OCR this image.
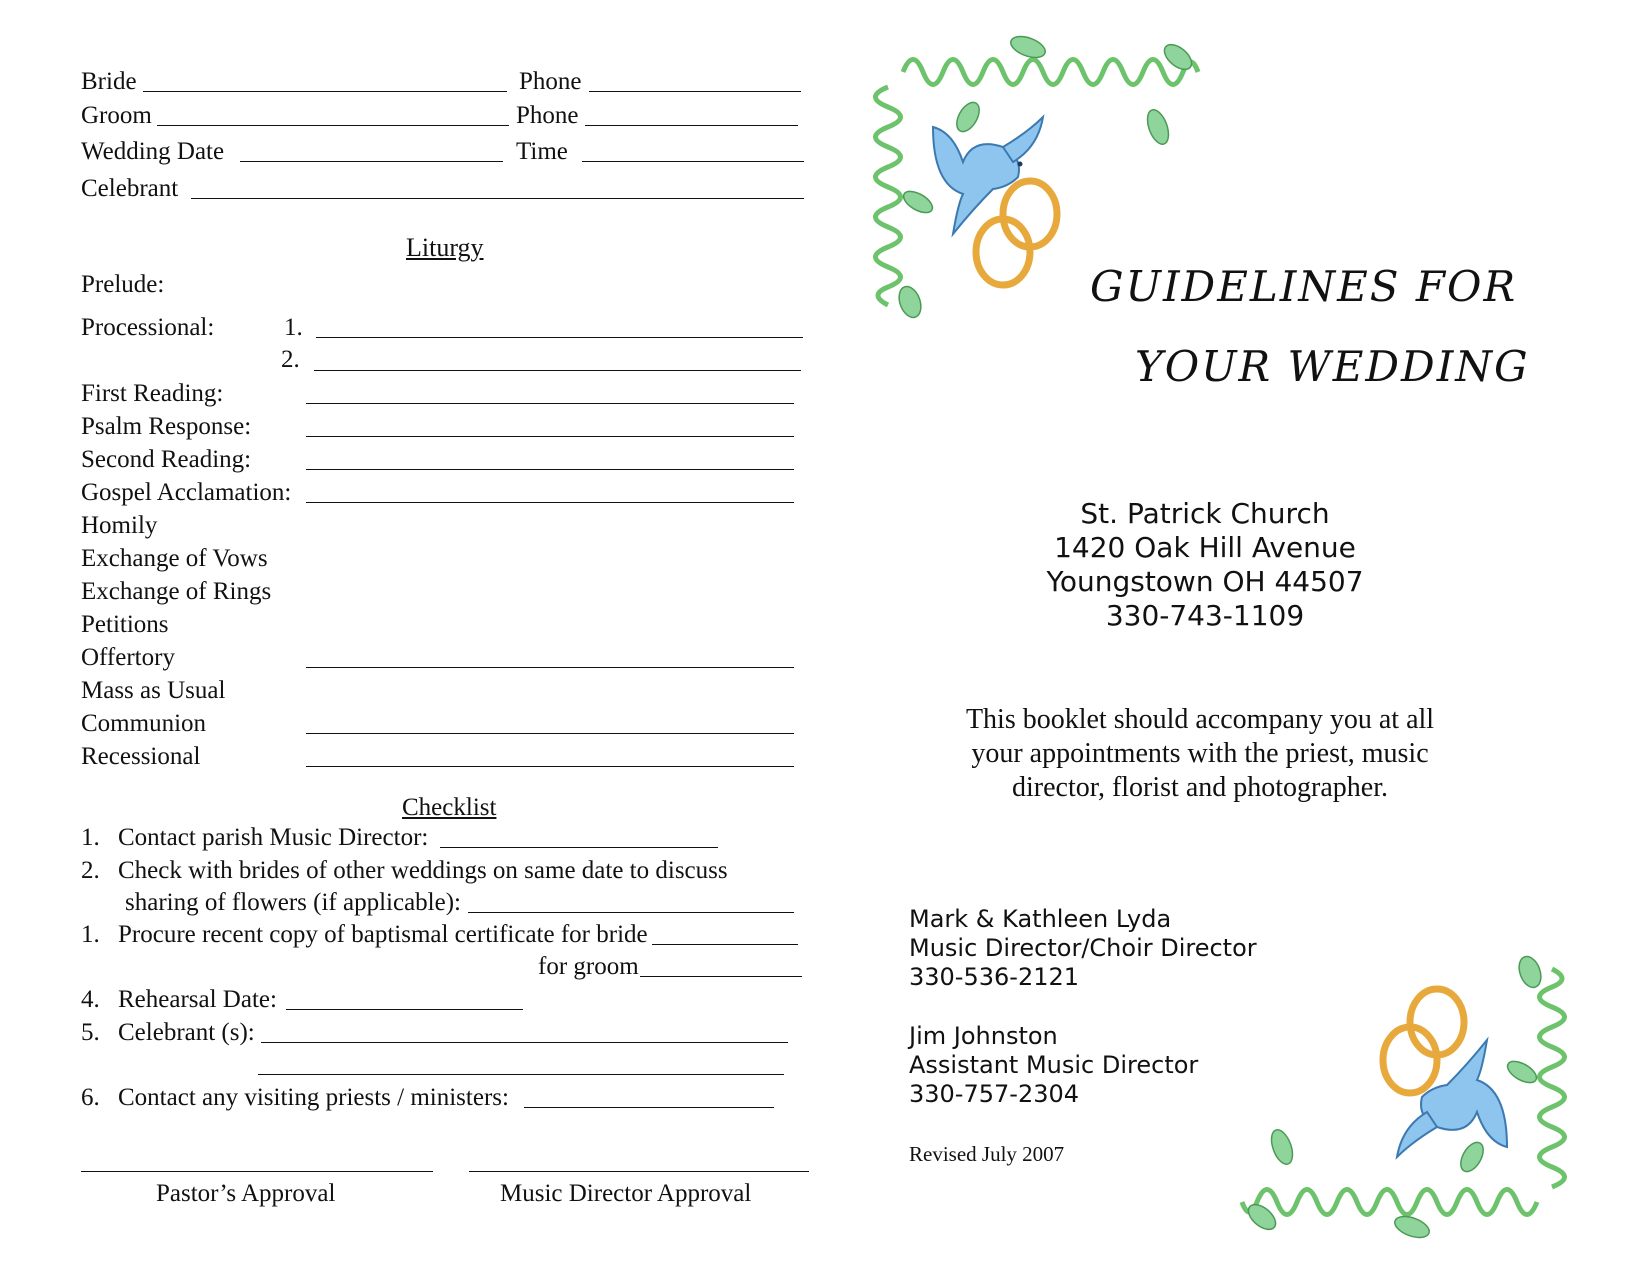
Bride	Phone
Groom	Phone
Wedding Date	Time
Celebrant
Liturgy
Prelude:
Processional:	1.
2.
First Reading:
Psalm Response:
Second Reading:
Gospel Acclamation:
Homily
Exchange of Vows
Exchange of Rings
Petitions
Offertory
Mass as Usual
Communion
Recessional
Checklist
1. Contact parish Music Director:
2. Check with brides of other weddings on same date to discuss
sharing of flowers (if applicable):
1. Procure recent copy of baptismal certificate for bride
for groom
4. Rehearsal Date:
5. Celebrant (s):
6. Contact any visiting priests / ministers:
Pastor’s Approval	Music Director Approval
GUIDELINES FOR
YOUR WEDDING
St. Patrick Church
1420 Oak Hill Avenue
Youngstown OH 44507
330-743-1109
This booklet should accompany you at all
your appointments with the priest, music
director, florist and photographer.
Mark & Kathleen Lyda
Music Director/Choir Director
330-536-2121
Jim Johnston
Assistant Music Director
330-757-2304
Revised July 2007
